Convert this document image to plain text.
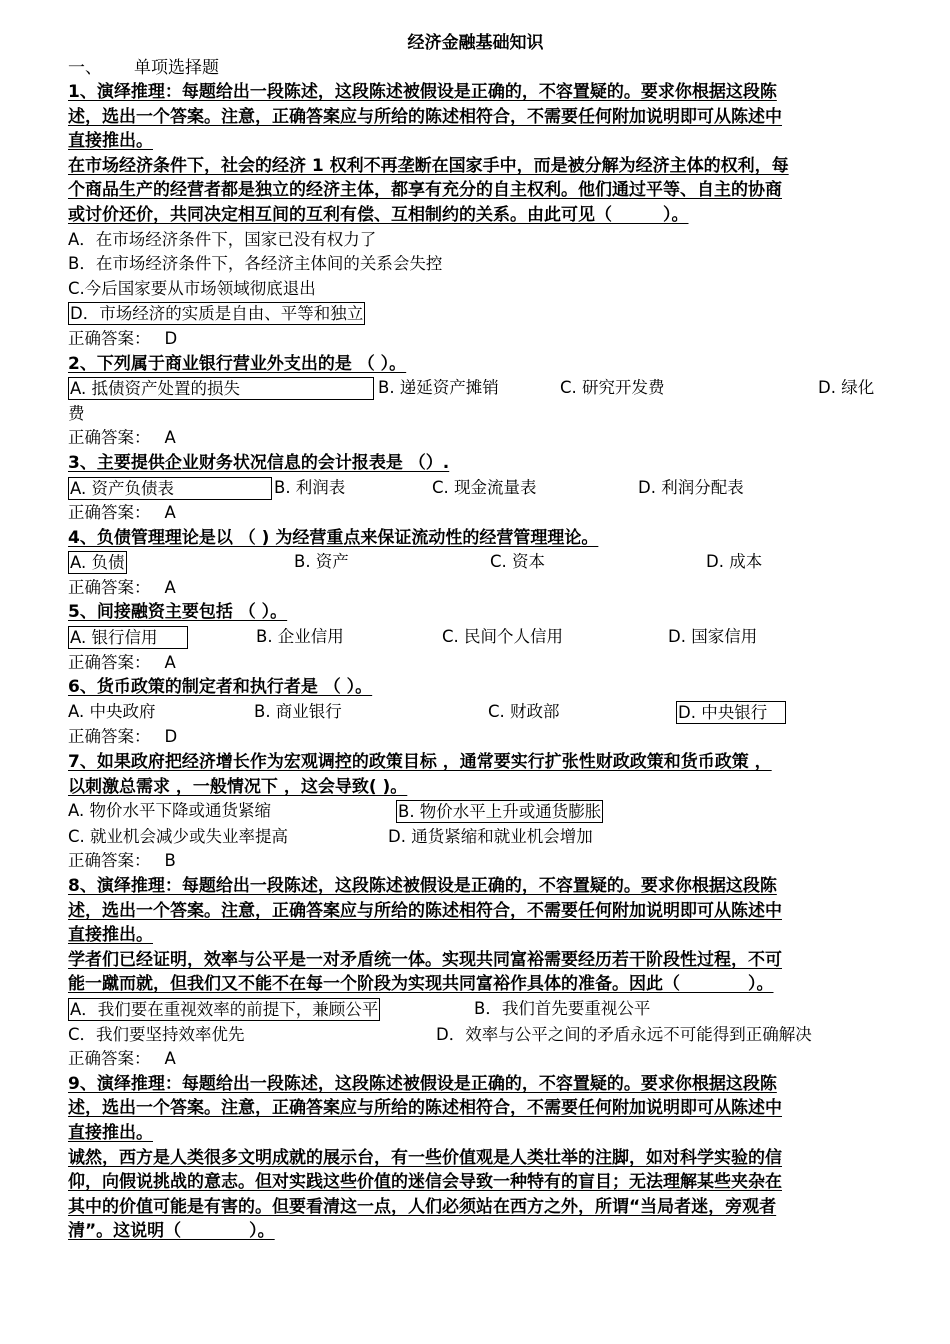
经济金融基础知识

一、 单项选择题

1、演绎推理：每题给出一段陈述，这段陈述被假设是正确的，不容置疑的。要求你根据这段陈

述，选出一个答案。注意，正确答案应与所给的陈述相符合，不需要任何附加说明即可从陈述中

直接推出。

在市场经济条件下，社会的经济 1 权利不再垄断在国家手中，而是被分解为经济主体的权利，每

个商品生产的经营者都是独立的经济主体，都享有充分的自主权利。他们通过平等、自主的协商

或讨价还价，共同决定相互间的互利有偿、互相制约的关系。由此可见（　　　）。

A．在市场经济条件下，国家已没有权力了

B．在市场经济条件下，各经济主体间的关系会失控

C.今后国家要从市场领域彻底退出

D．市场经济的实质是自由、平等和独立

正确答案： D

2、下列属于商业银行营业外支出的是 （ ）。

A. 抵债资产处置的损失	B. 递延资产摊销	C. 研究开发费	D. 绿化

费

正确答案： A

3、主要提供企业财务状况信息的会计报表是 （）.

A. 资产负债表	B. 利润表	C. 现金流量表	D. 利润分配表

正确答案： A

4、负债管理理论是以 （ ) 为经营重点来保证流动性的经营管理理论。

A. 负债	B. 资产	C. 资本	D. 成本

正确答案： A

5、间接融资主要包括 （ ）。

A. 银行信用	B. 企业信用	C. 民间个人信用	D. 国家信用

正确答案： A

6、货币政策的制定者和执行者是 （ ）。

A. 中央政府	B. 商业银行	C. 财政部	D. 中央银行

正确答案： D

7、如果政府把经济增长作为宏观调控的政策目标 ，通常要实行扩张性财政政策和货币政策 ，

以刺激总需求 ，一般情况下 ，这会导致( )。

A. 物价水平下降或通货紧缩	B. 物价水平上升或通货膨胀
C. 就业机会减少或失业率提高	D. 通货紧缩和就业机会增加

正确答案： B

8、演绎推理：每题给出一段陈述，这段陈述被假设是正确的，不容置疑的。要求你根据这段陈

述，选出一个答案。注意，正确答案应与所给的陈述相符合，不需要任何附加说明即可从陈述中

直接推出。

学者们已经证明，效率与公平是一对矛盾统一体。实现共同富裕需要经历若干阶段性过程，不可

能一蹴而就，但我们又不能不在每一个阶段为实现共同富裕作具体的准备。因此（　　　　）。

A．我们要在重视效率的前提下，兼顾公平	B．我们首先要重视公平
C．我们要坚持效率优先	D．效率与公平之间的矛盾永远不可能得到正确解决

正确答案： A

9、演绎推理：每题给出一段陈述，这段陈述被假设是正确的，不容置疑的。要求你根据这段陈

述，选出一个答案。注意，正确答案应与所给的陈述相符合，不需要任何附加说明即可从陈述中

直接推出。

诚然，西方是人类很多文明成就的展示台，有一些价值观是人类壮举的注脚，如对科学实验的信

仰，向假说挑战的意志。但对实践这些价值的迷信会导致一种特有的盲目；无法理解某些夹杂在

其中的价值可能是有害的。但要看清这一点，人们必须站在西方之外，所谓“当局者迷，旁观者

清”。这说明（　　　　）。
